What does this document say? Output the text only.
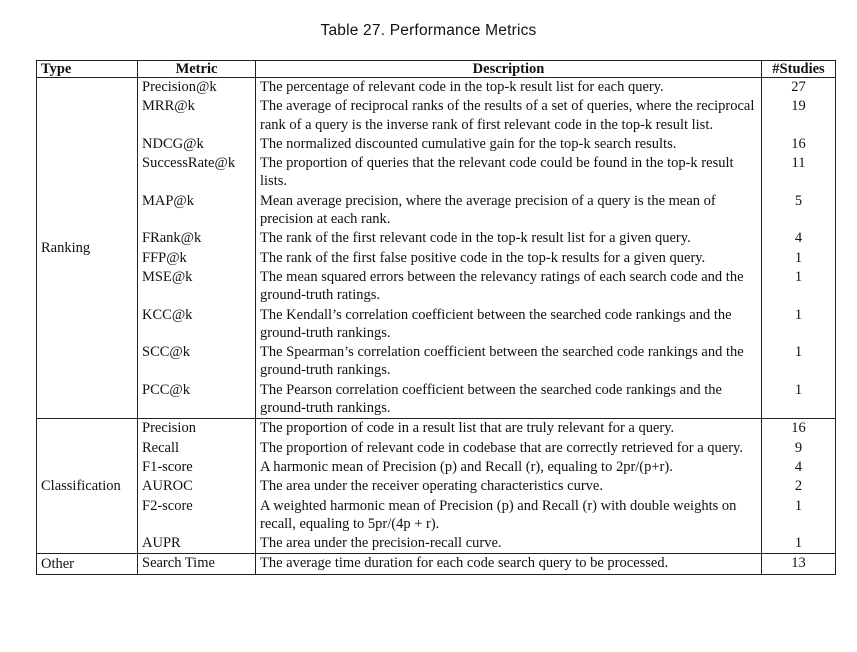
Table 27. Performance Metrics
Type	Metric	Description	#Studies
Ranking	Precision@k	The percentage of relevant code in the top-k result list for each query.	27
	MRR@k	The average of reciprocal ranks of the results of a set of queries, where the reciprocal rank of a query is the inverse rank of first relevant code in the top-k result list.	19
	NDCG@k	The normalized discounted cumulative gain for the top-k search results.	16
	SuccessRate@k	The proportion of queries that the relevant code could be found in the top-k result lists.	11
	MAP@k	Mean average precision, where the average precision of a query is the mean of precision at each rank.	5
	FRank@k	The rank of the first relevant code in the top-k result list for a given query.	4
	FFP@k	The rank of the first false positive code in the top-k results for a given query.	1
	MSE@k	The mean squared errors between the relevancy ratings of each search code and the ground-truth ratings.	1
	KCC@k	The Kendall’s correlation coefficient between the searched code rankings and the ground-truth rankings.	1
	SCC@k	The Spearman’s correlation coefficient between the searched code rankings and the ground-truth rankings.	1
	PCC@k	The Pearson correlation coefficient between the searched code rankings and the ground-truth rankings.	1
Classification	Precision	The proportion of code in a result list that are truly relevant for a query.	16
	Recall	The proportion of relevant code in codebase that are correctly retrieved for a query.	9
	F1-score	A harmonic mean of Precision (p) and Recall (r), equaling to 2pr/(p+r).	4
	AUROC	The area under the receiver operating characteristics curve.	2
	F2-score	A weighted harmonic mean of Precision (p) and Recall (r) with double weights on recall, equaling to 5pr/(4p + r).	1
	AUPR	The area under the precision-recall curve.	1
Other	Search Time	The average time duration for each code search query to be processed.	13
